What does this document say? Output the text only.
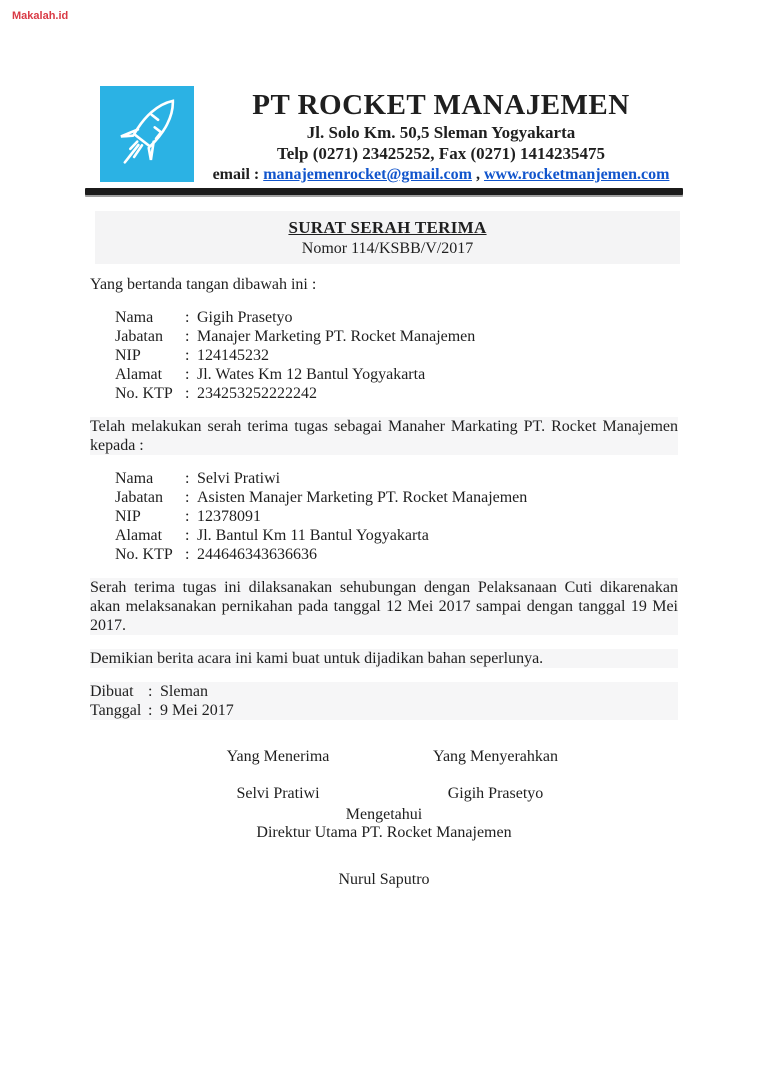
Makalah.id
PT ROCKET MANAJEMEN
Jl. Solo Km. 50,5 Sleman Yogyakarta
Telp (0271) 23425252, Fax (0271) 1414235475
email : manajemenrocket@gmail.com , www.rocketmanjemen.com
SURAT SERAH TERIMA
Nomor 114/KSBB/V/2017
Yang bertanda tangan dibawah ini :
Nama	: Gigih Prasetyo
Jabatan	: Manajer Marketing PT. Rocket Manajemen
NIP	: 124145232
Alamat	: Jl. Wates Km 12 Bantul Yogyakarta
No. KTP : 234253252222242
Telah melakukan serah terima tugas sebagai Manaher Markating PT. Rocket Manajemen kepada :
Nama	: Selvi Pratiwi
Jabatan	: Asisten Manajer Marketing PT. Rocket Manajemen
NIP	: 12378091
Alamat	: Jl. Bantul Km 11 Bantul Yogyakarta
No. KTP : 244646343636636
Serah terima tugas ini dilaksanakan sehubungan dengan Pelaksanaan Cuti dikarenakan akan melaksanakan pernikahan pada tanggal 12 Mei 2017 sampai dengan tanggal 19 Mei 2017.
Demikian berita acara ini kami buat untuk dijadikan bahan seperlunya.
Dibuat : Sleman
Tanggal : 9 Mei 2017
Yang Menerima
Selvi Pratiwi
Yang Menyerahkan
Gigih Prasetyo
Mengetahui
Direktur Utama PT. Rocket Manajemen
Nurul Saputro
